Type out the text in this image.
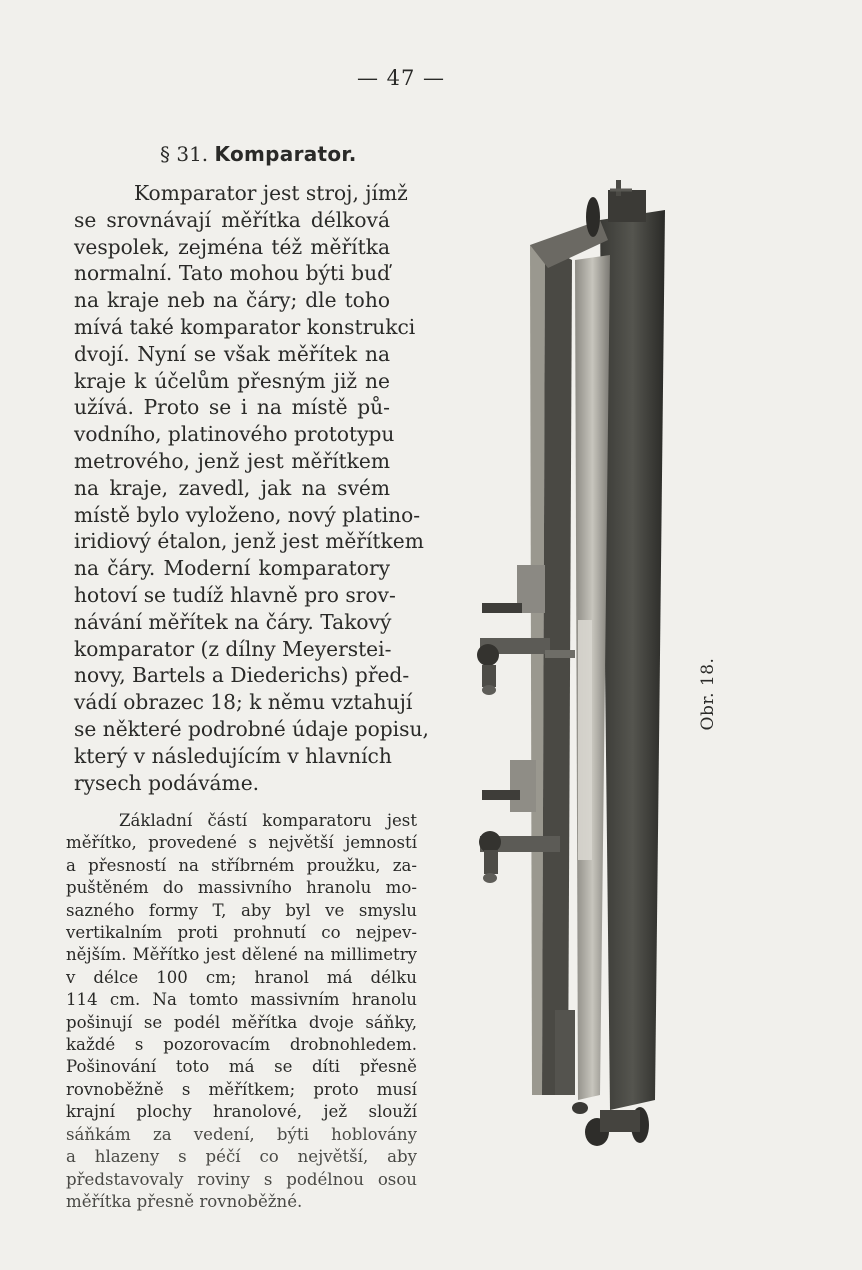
— 47 —
§ 31. Komparator.
Komparator jest stroj, jímž
se srovnávají měřítka délková
vespolek, zejména též měřítka
normalní. Tato mohou býti buď
na kraje neb na čáry; dle toho
mívá také komparator konstrukci
dvojí. Nyní se však měřítek na
kraje k účelům přesným již ne
užívá. Proto se i na místě pů-
vodního, platinového prototypu
metrového, jenž jest měřítkem
na kraje, zavedl, jak na svém
místě bylo vyloženo, nový platino-
iridiový étalon, jenž jest měřítkem
na čáry. Moderní komparatory
hotoví se tudíž hlavně pro srov-
návání měřítek na čáry. Takový
komparator (z dílny Meyerstei-
novy, Bartels a Diederichs) před-
vádí obrazec 18; k němu vztahují
se některé podrobné údaje popisu,
který v následujícím v hlavních
rysech podáváme.
Základní částí komparatoru jest
měřítko, provedené s největší jemností
a přesností na stříbrném proužku, za-
puštěném do massivního hranolu mo-
sazného formy T, aby byl ve smyslu
vertikalním proti prohnutí co nejpev-
nějším. Měřítko jest dělené na millimetry
v délce 100 cm; hranol má délku
114 cm. Na tomto massivním hranolu
pošinují se podél měřítka dvoje sáňky,
každé s pozorovacím drobnohledem.
Pošinování toto má se díti přesně
rovnoběžně s měřítkem; proto musí
krajní plochy hranolové, jež slouží
sáňkám za vedení, býti hoblovány
a hlazeny s péčí co největší, aby
představovaly roviny s podélnou osou
měřítka přesně rovnoběžné.
Obr. 18.
